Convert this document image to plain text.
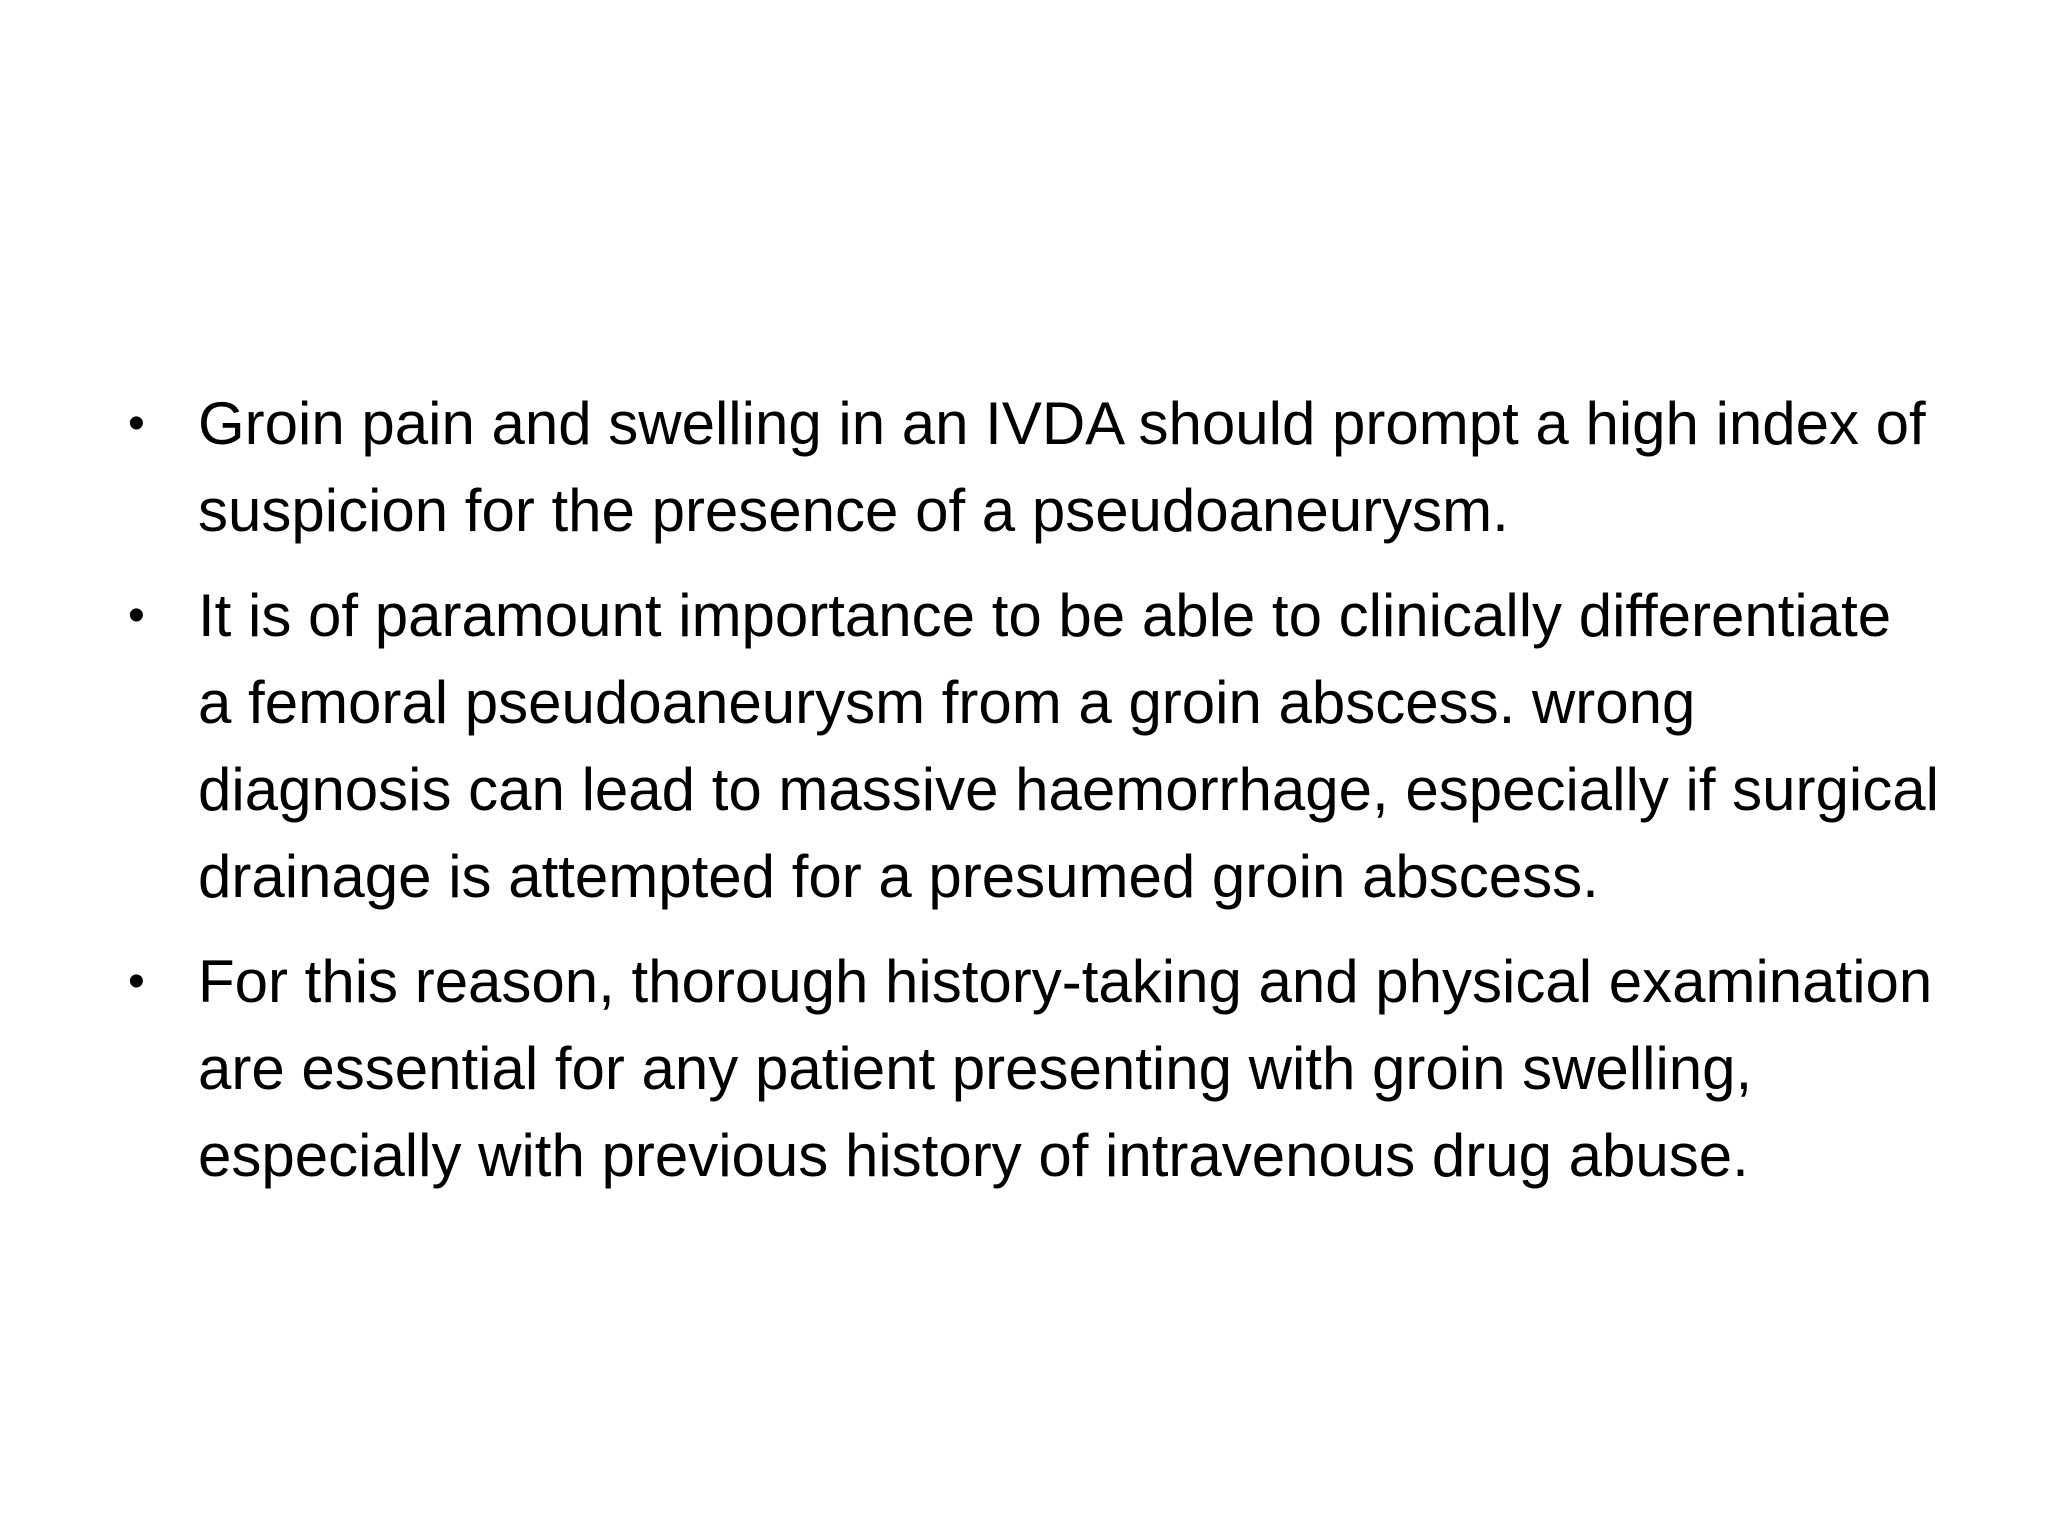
• Groin pain and swelling in an IVDA should prompt a high index of suspicion for the presence of a pseudoaneurysm.
• It is of paramount importance to be able to clinically differentiate a femoral pseudoaneurysm from a groin abscess. wrong diagnosis can lead to massive haemorrhage, especially if surgical drainage is attempted for a presumed groin abscess.
• For this reason, thorough history-taking and physical examination are essential for any patient presenting with groin swelling, especially with previous history of intravenous drug abuse.
